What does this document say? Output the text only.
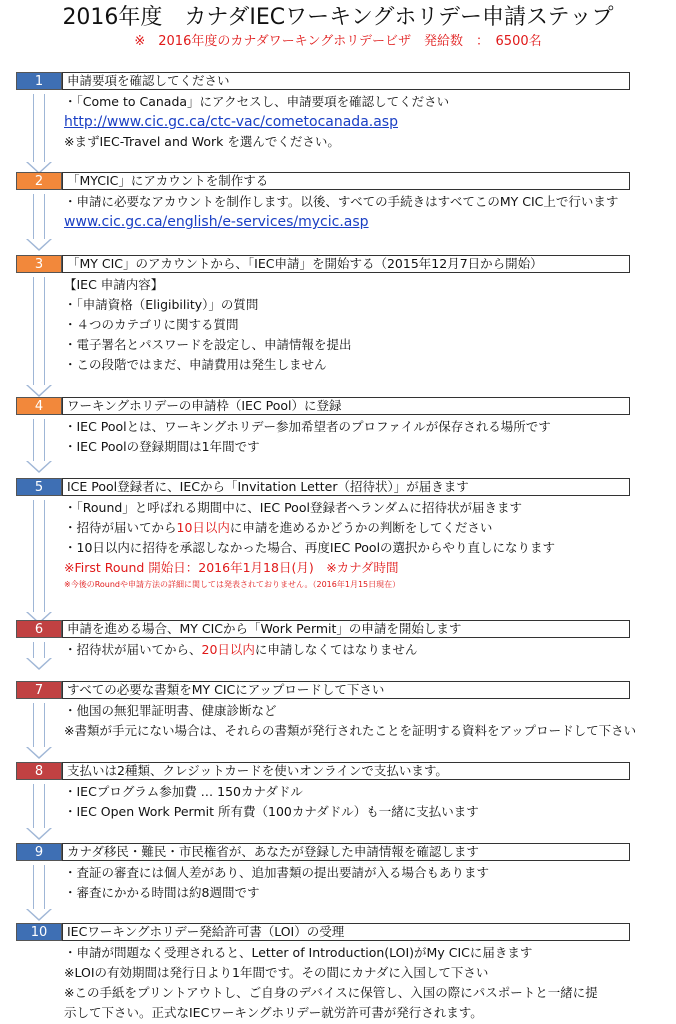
2016年度　カナダIECワーキングホリデー申請ステップ
※　2016年度のカナダワーキングホリデービザ　発給数　：　6500名
1	申請要項を確認してください
・「Come to Canada」にアクセスし、申請要項を確認してください
http://www.cic.gc.ca/ctc-vac/cometocanada.asp
※まずIEC-Travel and Work を選んでください。
2	「MYCIC」にアカウントを制作する
・申請に必要なアカウントを制作します。以後、すべての手続きはすべてこのMY CIC上で行います
www.cic.gc.ca/english/e-services/mycic.asp
3	「MY CIC」のアカウントから、「IEC申請」を開始する（2015年12月7日から開始）
【IEC 申請内容】
・「申請資格（Eligibility）」の質問
・４つのカテゴリに関する質問
・電子署名とパスワードを設定し、申請情報を提出
・この段階ではまだ、申請費用は発生しません
4	ワーキングホリデーの申請枠（IEC Pool）に登録
・IEC Poolとは、ワーキングホリデー参加希望者のプロファイルが保存される場所です
・IEC Poolの登録期間は1年間です
5	ICE Pool登録者に、IECから「Invitation Letter（招待状）」が届きます
・「Round」と呼ばれる期間中に、IEC Pool登録者へランダムに招待状が届きます
・招待が届いてから10日以内に申請を進めるかどうかの判断をしてください
・10日以内に招待を承認しなかった場合、再度IEC Poolの選択からやり直しになります
※First Round 開始日：2016年1月18日(月)　※カナダ時間
※今後のRoundや申請方法の詳細に関しては発表されておりません。（2016年1月15日現在）
6	申請を進める場合、MY CICから「Work Permit」の申請を開始します
・招待状が届いてから、20日以内に申請しなくてはなりません
7	すべての必要な書類をMY CICにアップロードして下さい
・他国の無犯罪証明書、健康診断など
※書類が手元にない場合は、それらの書類が発行されたことを証明する資料をアップロードして下さい
8	支払いは2種類、クレジットカードを使いオンラインで支払います。
・IECプログラム参加費 … 150カナダドル
・IEC Open Work Permit 所有費（100カナダドル）も一緒に支払います
9	カナダ移民・難民・市民権省が、あなたが登録した申請情報を確認します
・査証の審査には個人差があり、追加書類の提出要請が入る場合もあります
・審査にかかる時間は約8週間です
10	IECワーキングホリデー発給許可書（LOI）の受理
・申請が問題なく受理されると、Letter of Introduction(LOI)がMy CICに届きます
※LOIの有効期間は発行日より1年間です。その間にカナダに入国して下さい
※この手紙をプリントアウトし、ご自身のデバイスに保管し、入国の際にパスポートと一緒に提
示して下さい。正式なIECワーキングホリデー就労許可書が発行されます。
